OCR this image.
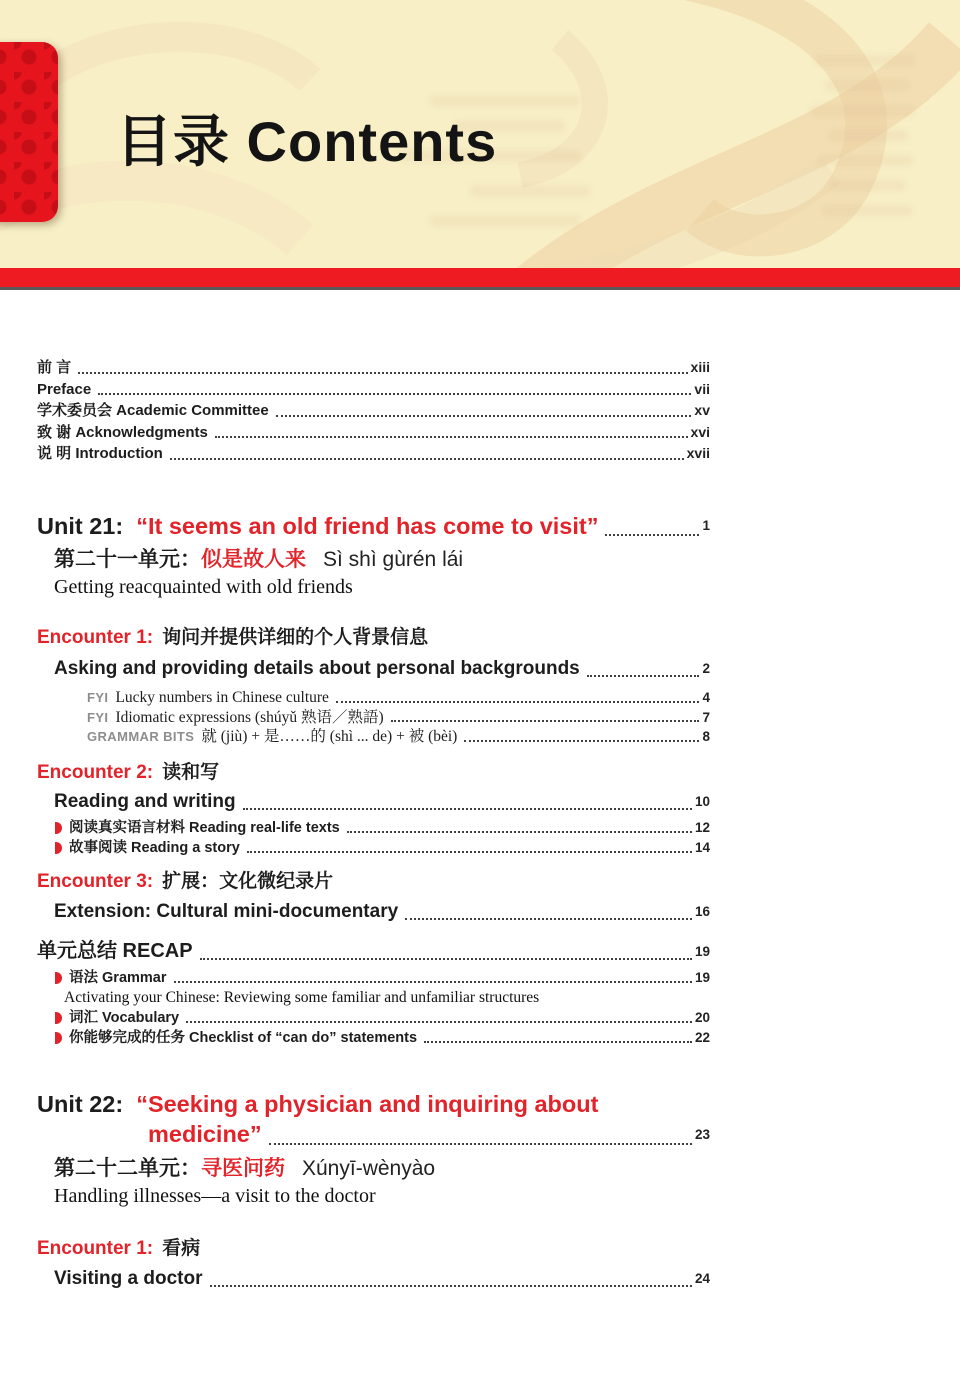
目录 Contents
前 言	xiii
Preface	vii
学术委员会 Academic Committee	xv
致 谢 Acknowledgments	xvi
说 明 Introduction	xvii
Unit 21: “It seems an old friend has come to visit”	1
第二十一单元：似是故人来 Sì shì gùrén lái
Getting reacquainted with old friends
Encounter 1: 询问并提供详细的个人背景信息
Asking and providing details about personal backgrounds	2
FYI Lucky numbers in Chinese culture	4
FYI Idiomatic expressions (shúyǔ 熟语／熟語)	7
GRAMMAR BITS 就 (jiù) + 是……的 (shì ... de) + 被 (bèi)	8
Encounter 2: 读和写
Reading and writing	10
阅读真实语言材料 Reading real-life texts	12
故事阅读 Reading a story	14
Encounter 3: 扩展：文化微纪录片
Extension: Cultural mini-documentary	16
单元总结 RECAP	19
语法 Grammar	19
Activating your Chinese: Reviewing some familiar and unfamiliar structures
词汇 Vocabulary	20
你能够完成的任务 Checklist of “can do” statements	22
Unit 22: “Seeking a physician and inquiring about
medicine”	23
第二十二单元：寻医问药 Xúnyī-wènyào
Handling illnesses—a visit to the doctor
Encounter 1: 看病
Visiting a doctor	24
